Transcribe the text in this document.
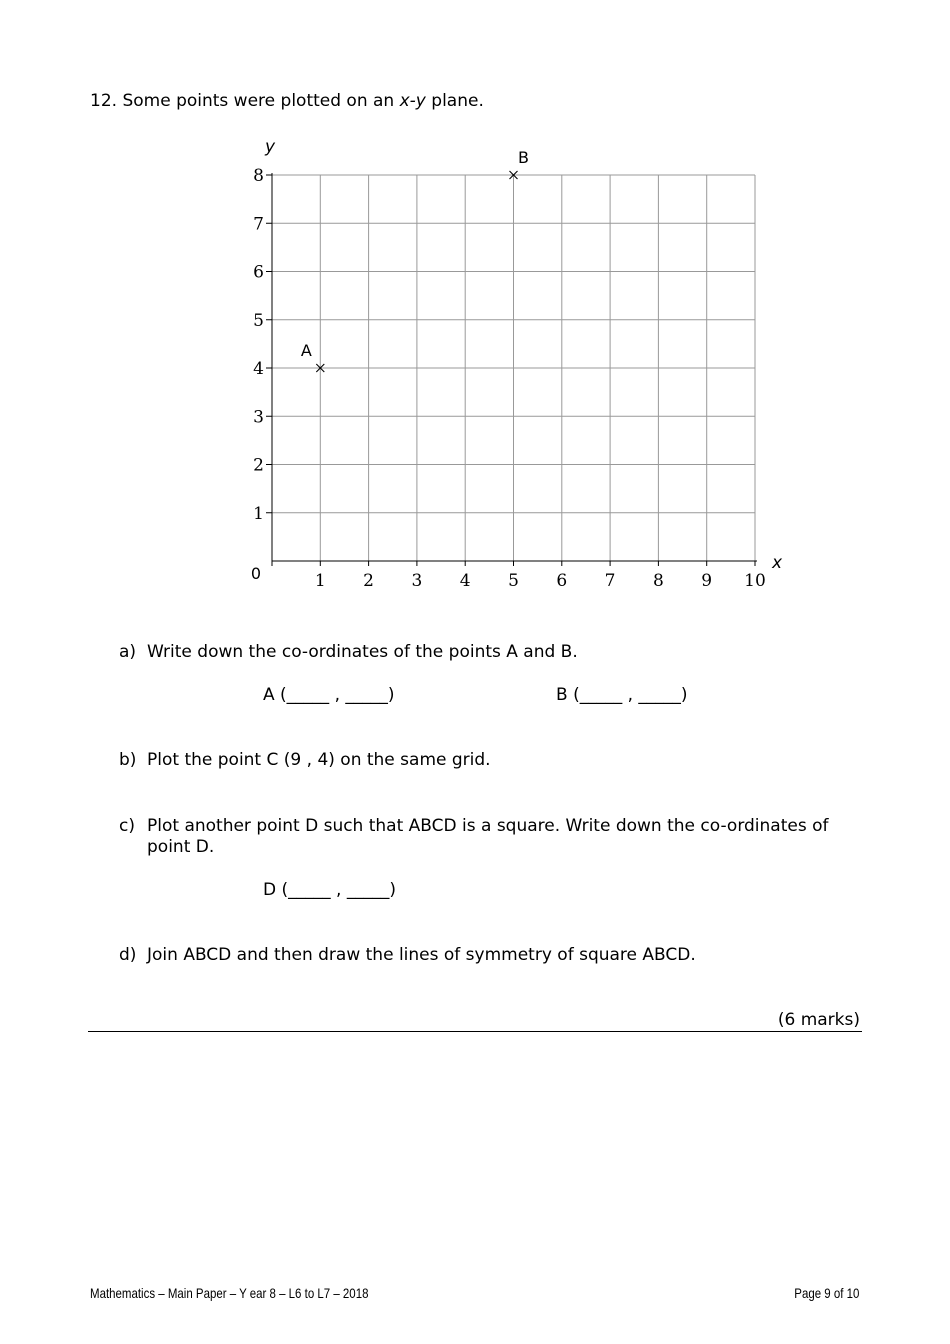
12. Some points were plotted on an x-y plane.
1 2 3 4 5 6 7 8 9 10
1
2
3
4
5
6
7
8
A
B
x
y
0
a) Write down the co-ordinates of the points A and B.
A (_____ , _____)	B (_____ , _____)
b) Plot the point C (9 , 4) on the same grid.
c) Plot another point D such that ABCD is a square. Write down the co-ordinates of
point D.
D (_____ , _____)
d) Join ABCD and then draw the lines of symmetry of square ABCD.
(6 marks)
Mathematics – Main Paper – Y ear 8 – L6 to L7 – 2018	Page 9 of 10
